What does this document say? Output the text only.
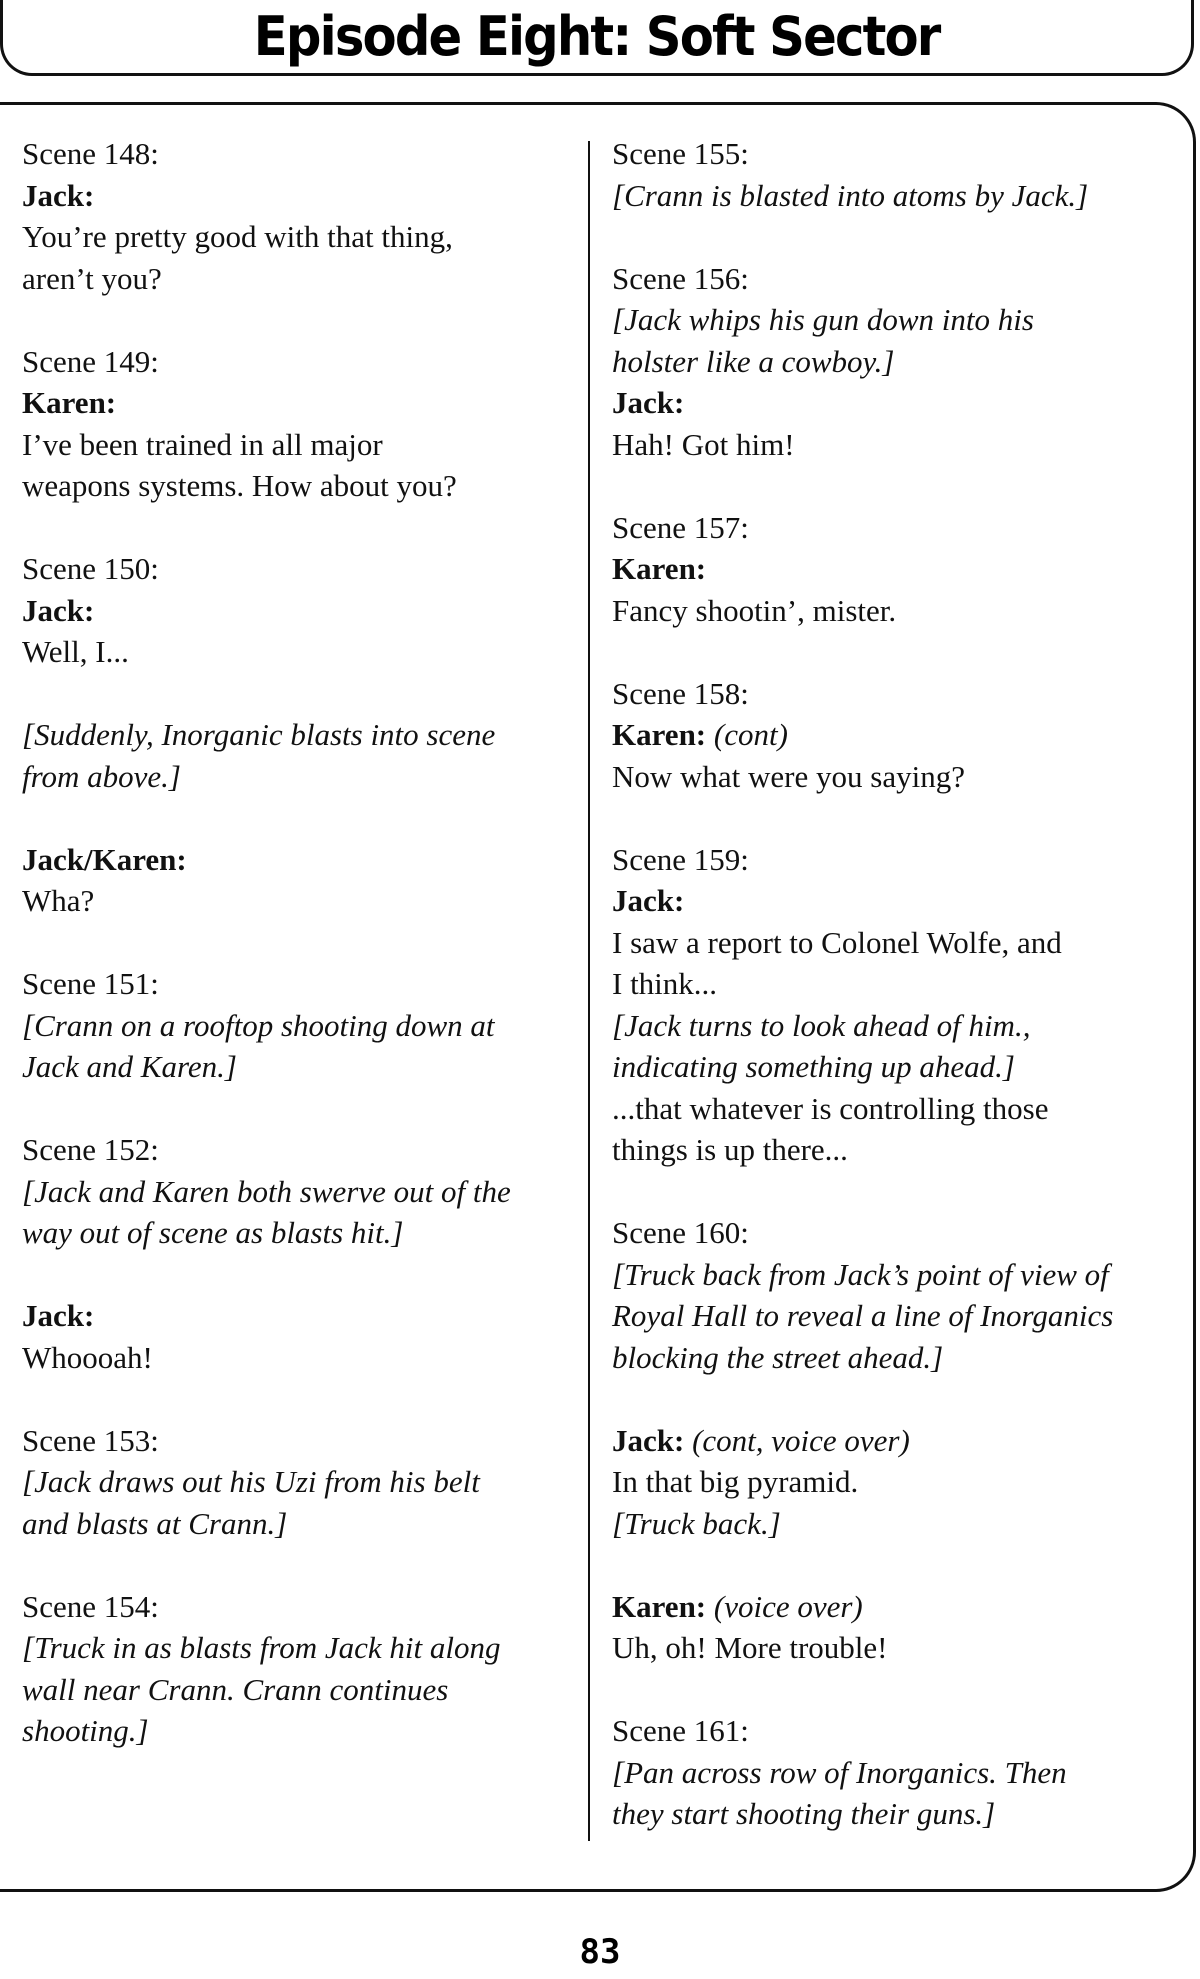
Episode Eight: Soft Sector
Scene 148:
Jack:
You’re pretty good with that thing,
aren’t you?
Scene 149:
Karen:
I’ve been trained in all major
weapons systems. How about you?
Scene 150:
Jack:
Well, I...
[Suddenly, Inorganic blasts into scene
from above.]
Jack/Karen:
Wha?
Scene 151:
[Crann on a rooftop shooting down at
Jack and Karen.]
Scene 152:
[Jack and Karen both swerve out of the
way out of scene as blasts hit.]
Jack:
Whoooah!
Scene 153:
[Jack draws out his Uzi from his belt
and blasts at Crann.]
Scene 154:
[Truck in as blasts from Jack hit along
wall near Crann. Crann continues
shooting.]
Scene 155:
[Crann is blasted into atoms by Jack.]
Scene 156:
[Jack whips his gun down into his
holster like a cowboy.]
Jack:
Hah! Got him!
Scene 157:
Karen:
Fancy shootin’, mister.
Scene 158:
Karen: (cont)
Now what were you saying?
Scene 159:
Jack:
I saw a report to Colonel Wolfe, and
I think...
[Jack turns to look ahead of him.,
indicating something up ahead.]
...that whatever is controlling those
things is up there...
Scene 160:
[Truck back from Jack’s point of view of
Royal Hall to reveal a line of Inorganics
blocking the street ahead.]
Jack: (cont, voice over)
In that big pyramid.
[Truck back.]
Karen: (voice over)
Uh, oh! More trouble!
Scene 161:
[Pan across row of Inorganics. Then
they start shooting their guns.]
83
